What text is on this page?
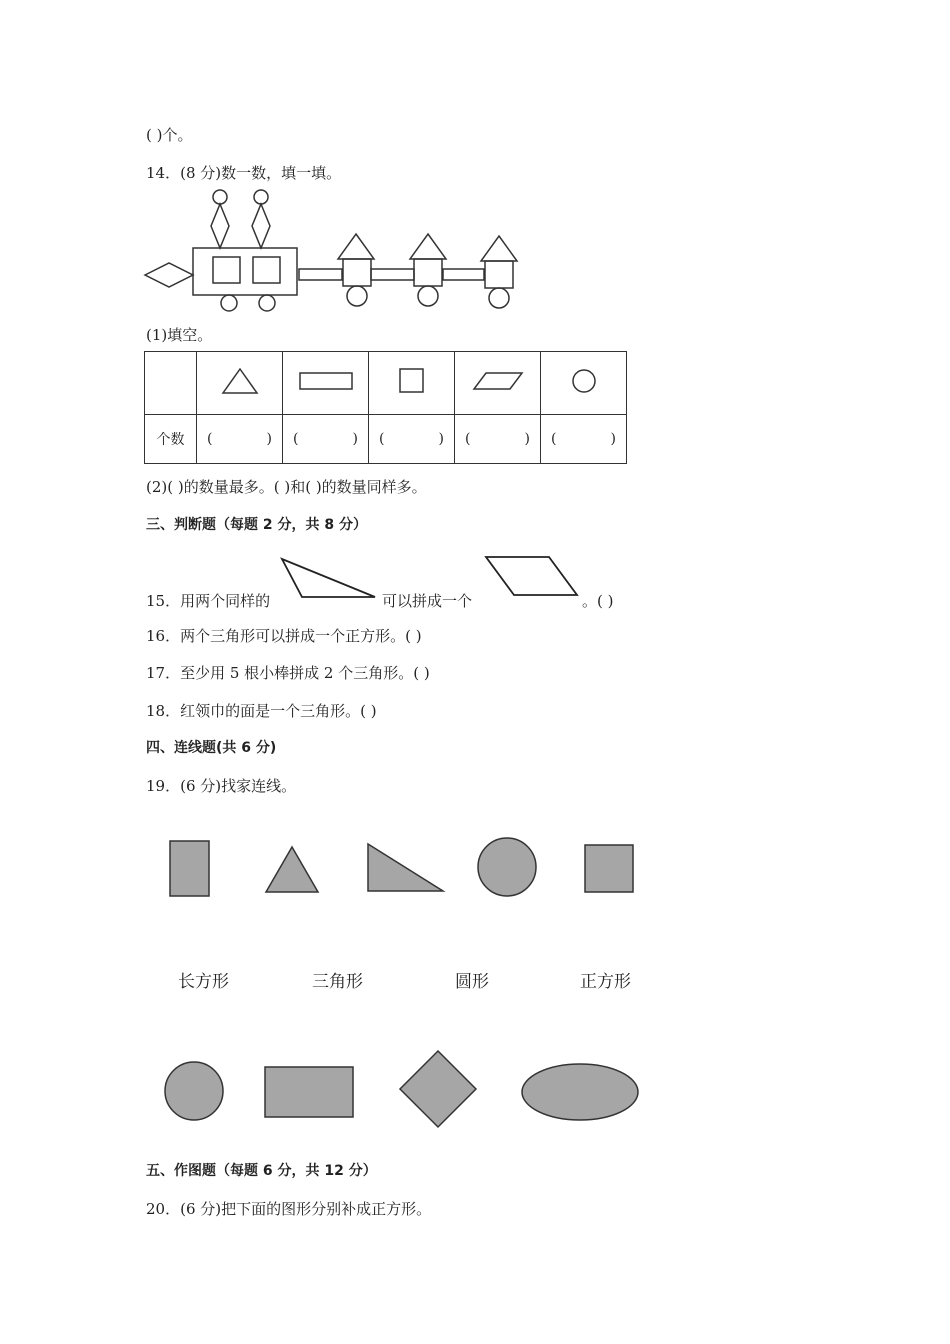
( )个。
14．(8 分)数一数，填一填。
(1)填空。

个数	( )	( )	( )	( )	( )
(2)( )的数量最多。( )和( )的数量同样多。
三、判断题（每题 2 分，共 8 分）
15．用两个同样的	可以拼成一个	。( )
16．两个三角形可以拼成一个正方形。( )
17．至少用 5 根小棒拼成 2 个三角形。( )
18．红领巾的面是一个三角形。( )
四、连线题(共 6 分)
19．(6 分)找家连线。
长方形	三角形	圆形	正方形
五、作图题（每题 6 分，共 12 分）
20．(6 分)把下面的图形分别补成正方形。
